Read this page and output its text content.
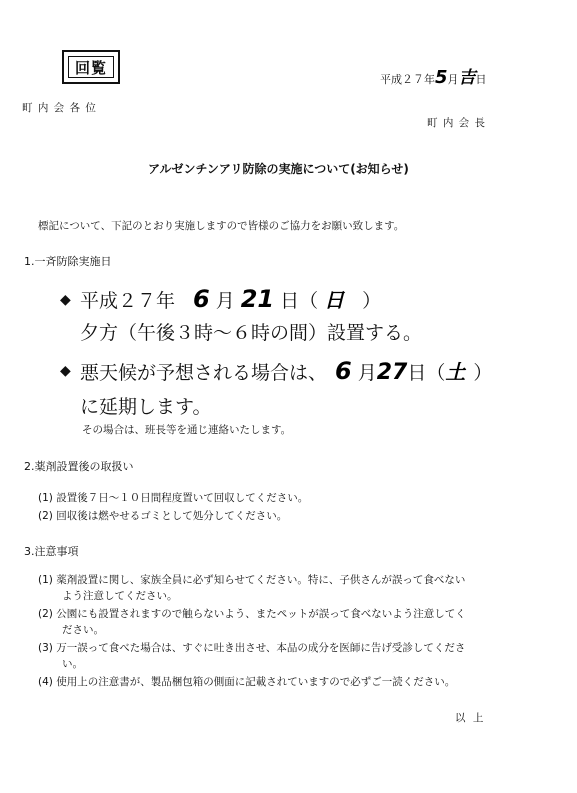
回覧
町 内 会 各 位
平成２７年5月吉日
町 内 会 長
アルゼンチンアリ防除の実施について(お知らせ)
標記について、下記のとおり実施しますので皆様のご協力をお願い致します。
1.一斉防除実施日
◆ 平成２７年 6 月 21 日（ 日 ）
夕方（午後３時～６時の間）設置する。
◆ 悪天候が予想される場合は、 6 月27日（土 ）
に延期します。
その場合は、班長等を通じ連絡いたします。
2.薬剤設置後の取扱い
(1) 設置後７日～１０日間程度置いて回収してください。
(2) 回収後は燃やせるゴミとして処分してください。
3.注意事項
(1) 薬剤設置に関し、家族全員に必ず知らせてください。特に、子供さんが誤って食べない
よう注意してください。
(2) 公園にも設置されますので触らないよう、またペットが誤って食べないよう注意してく
ださい。
(3) 万一誤って食べた場合は、すぐに吐き出させ、本品の成分を医師に告げ受診してくださ
い。
(4) 使用上の注意書が、製品梱包箱の側面に記載されていますので必ずご一読ください。
以 上
